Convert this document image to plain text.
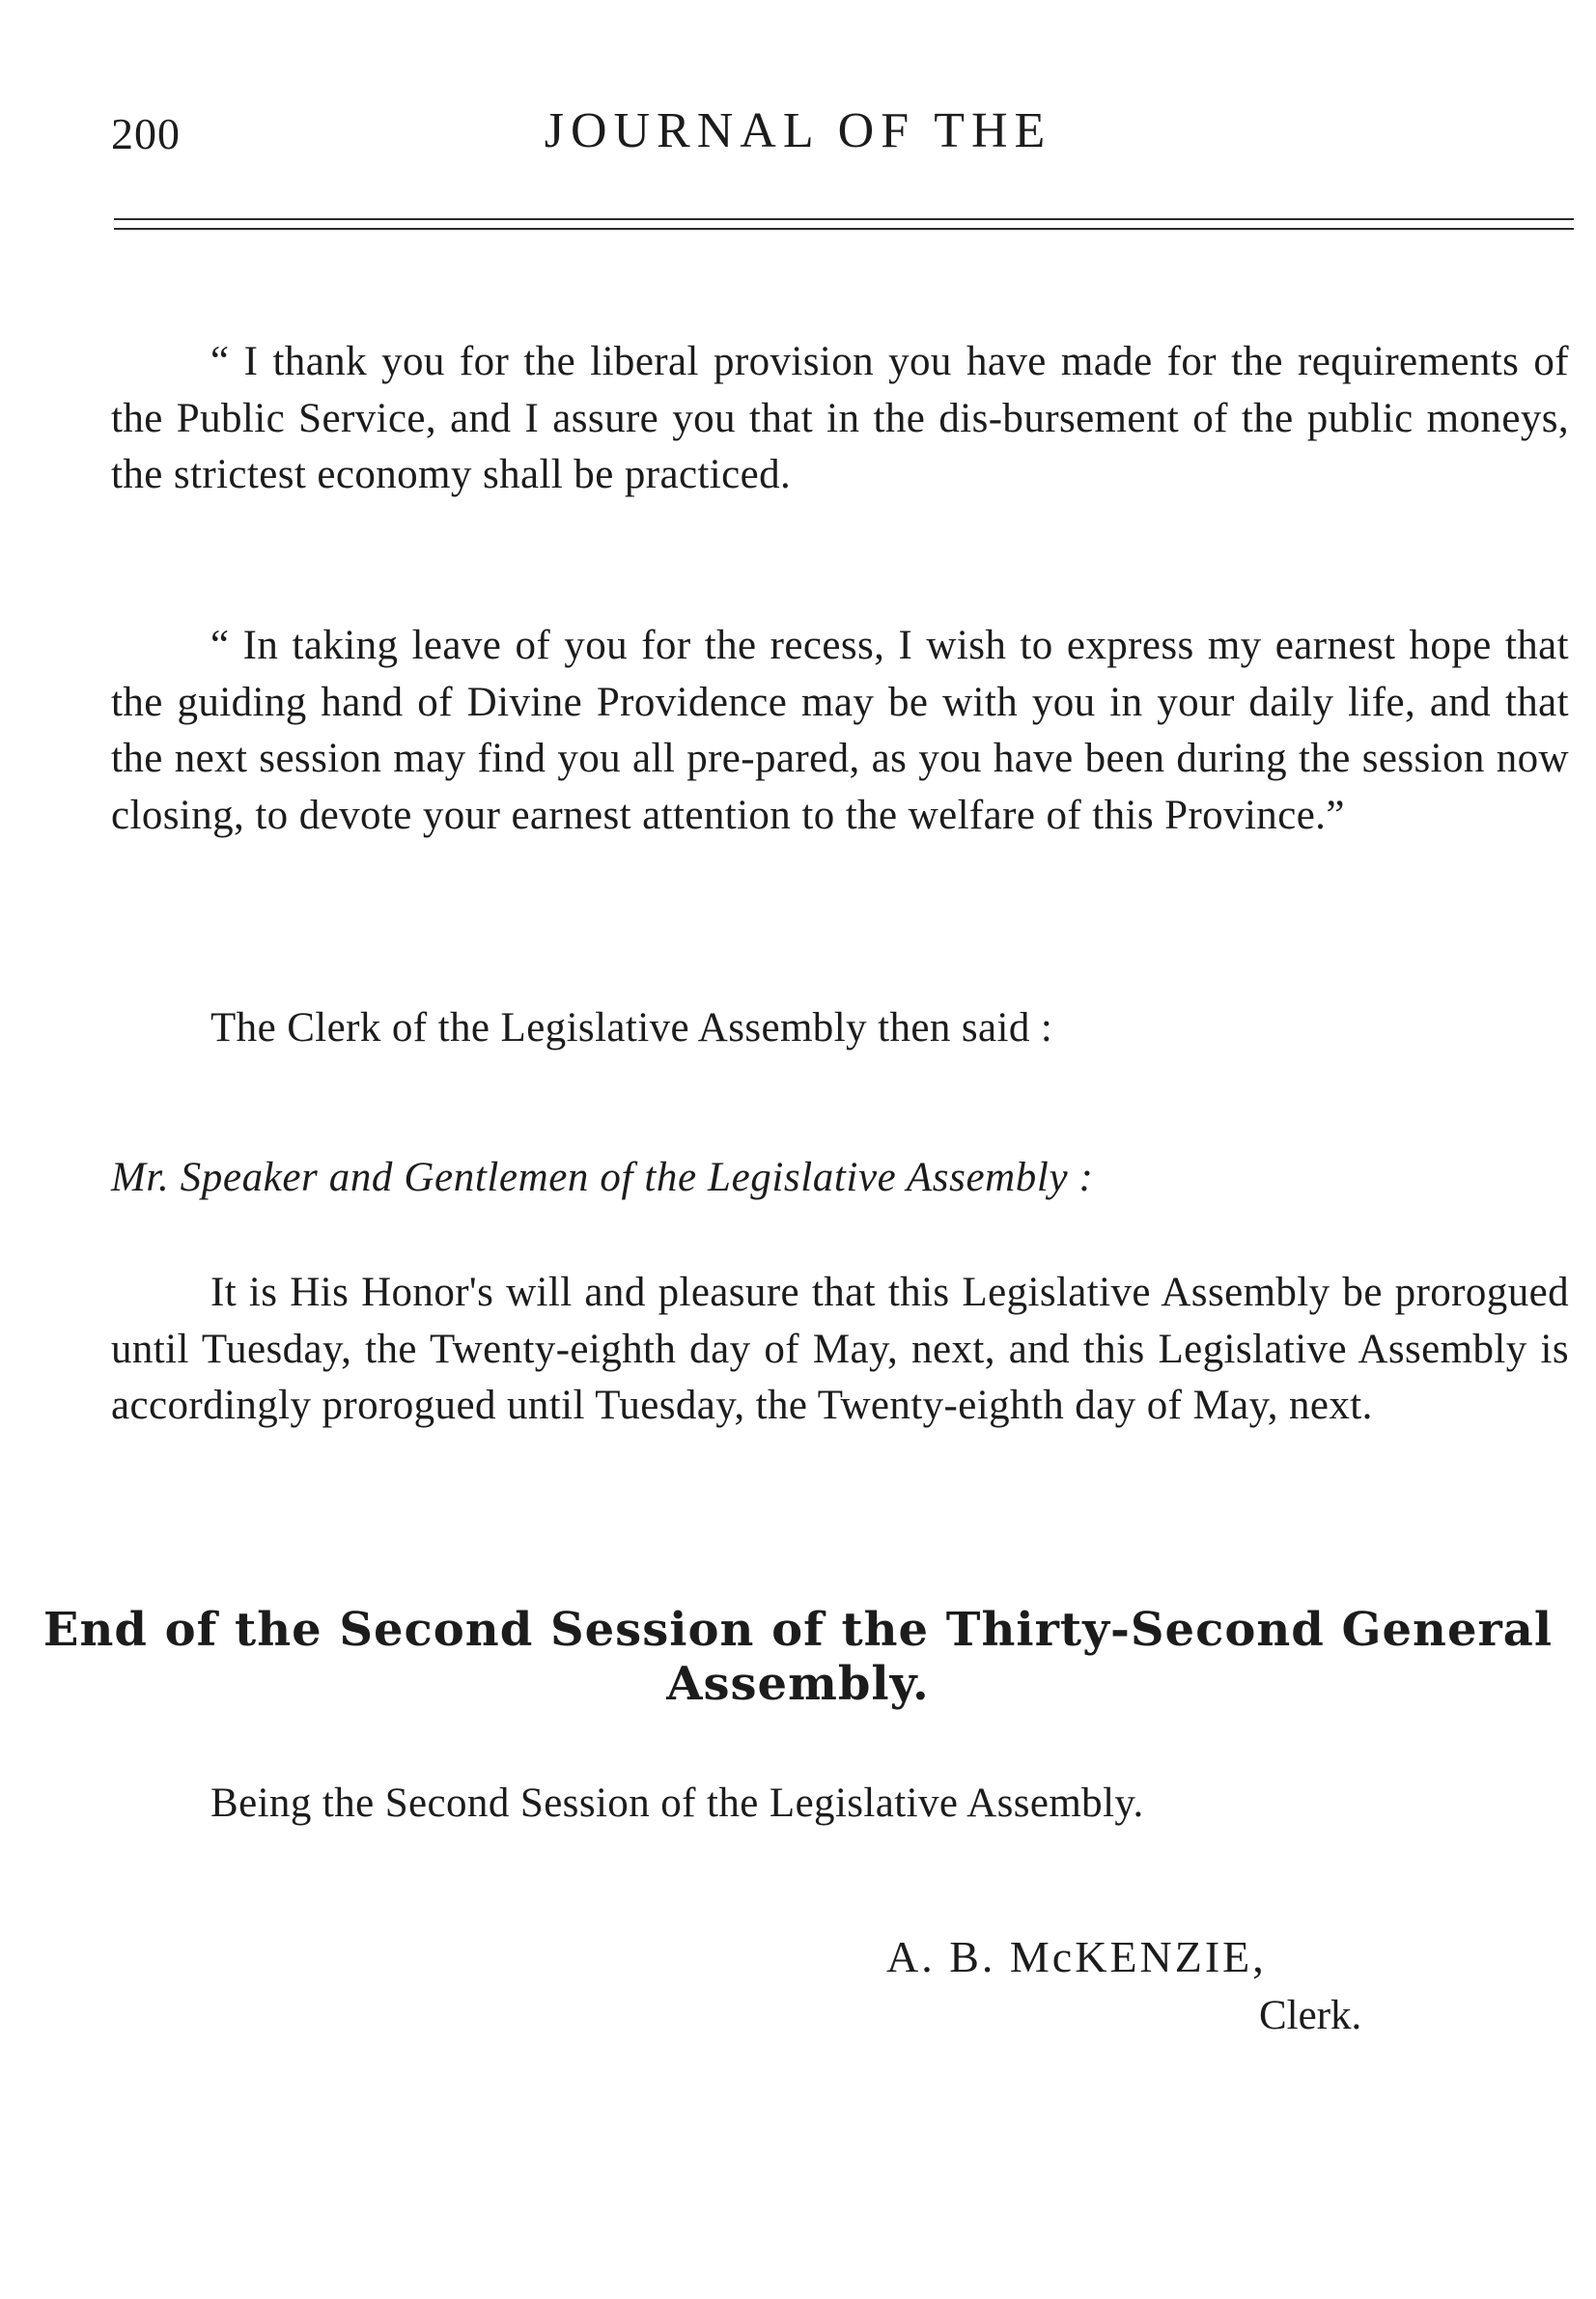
200	JOURNAL OF THE

“ I thank you for the liberal provision you have made for the requirements of the Public Service, and I assure you that in the dis-bursement of the public moneys, the strictest economy shall be practiced.

“ In taking leave of you for the recess, I wish to express my earnest hope that the guiding hand of Divine Providence may be with you in your daily life, and that the next session may find you all pre-pared, as you have been during the session now closing, to devote your earnest attention to the welfare of this Province.”

The Clerk of the Legislative Assembly then said :

Mr. Speaker and Gentlemen of the Legislative Assembly :

It is His Honor's will and pleasure that this Legislative Assembly be prorogued until Tuesday, the Twenty-eighth day of May, next, and this Legislative Assembly is accordingly prorogued until Tuesday, the Twenty-eighth day of May, next.

End of the Second Session of the Thirty-Second General Assembly.

Being the Second Session of the Legislative Assembly.

A. B. McKENZIE,

Clerk.
